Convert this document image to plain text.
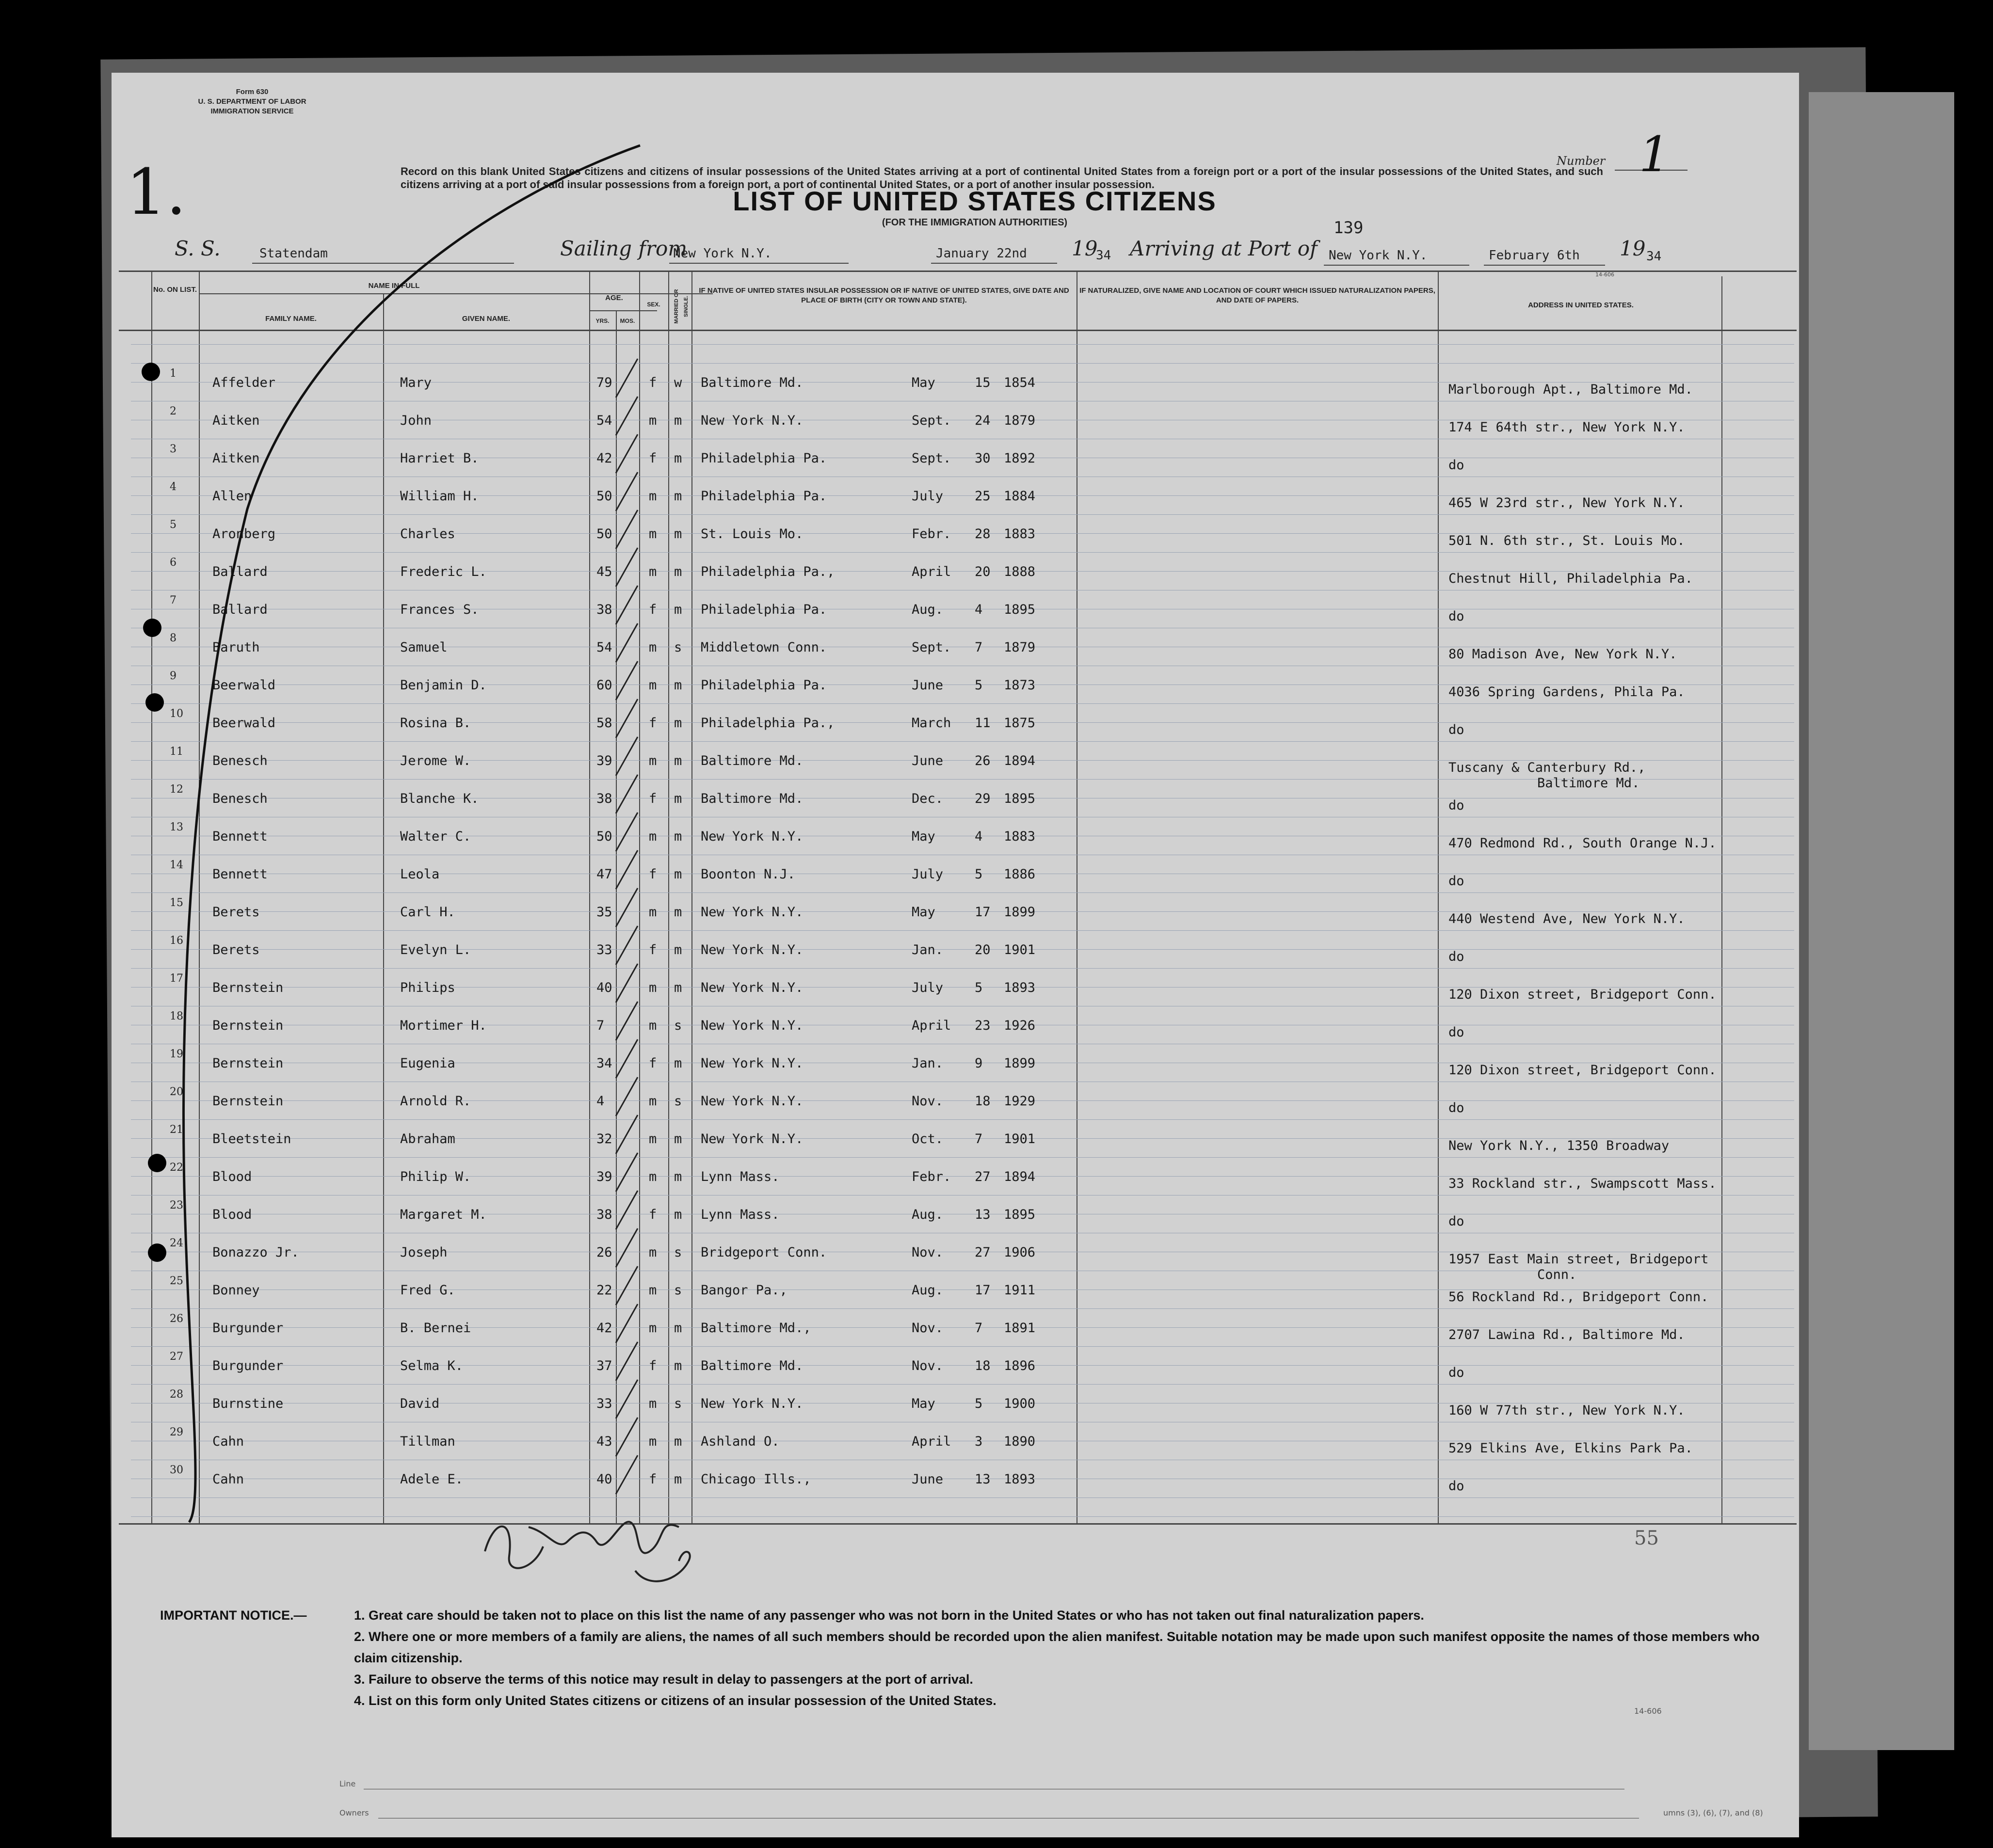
Form 630
U. S. DEPARTMENT OF LABOR
IMMIGRATION SERVICE
Record on this blank United States citizens and citizens of insular possessions of the United States arriving at a port of continental United States from a foreign port or a port of the insular possessions of the United States, and such citizens arriving at a port of said insular possessions from a foreign port, a port of continental United States, or a port of another insular possession.
Number 1
1.	LIST OF UNITED STATES CITIZENS
(FOR THE IMMIGRATION AUTHORITIES)	139
S. S.	Statendam	Sailing from
New York N.Y.	January 22nd 19
34 Arriving at Port of New York N.Y.	February 6th 19 34
No. ON LIST.	NAME IN FULL
FAMILY NAME.	GIVEN NAME.
AGE.
YRS.	MOS.
SEX.	MARRIED OR SINGLE.
IF NATIVE OF UNITED STATES INSULAR POSSESSION OR IF NATIVE OF UNITED STATES, GIVE DATE AND PLACE OF BIRTH (CITY OR TOWN AND STATE).
IF NATURALIZED, GIVE NAME AND LOCATION OF COURT WHICH ISSUED NATURALIZATION PAPERS, AND DATE OF PAPERS.
ADDRESS IN UNITED STATES.
14-606
1
Affelder	Mary	79	f w Baltimore Md.	May	15 1854	Marlborough Apt., Baltimore Md.
2
Aitken	John	54	m m New York N.Y.	Sept. 24 1879	174 E 64th str., New York N.Y.
3
Aitken	Harriet B.	42	f m Philadelphia Pa.	Sept. 30 1892	do
4
Allen	William H.	50	m m Philadelphia Pa.	July 25 1884	465 W 23rd str., New York N.Y.
5
Aronberg	Charles	50	m m St. Louis Mo.	Febr. 28 1883	501 N. 6th str., St. Louis Mo.
6
Ballard	Frederic L.	45	m m Philadelphia Pa.,	April 20 1888	Chestnut Hill, Philadelphia Pa.
7
Ballard	Frances S.	38	f m Philadelphia Pa.	Aug. 4 1895	do
8
Baruth	Samuel	54	m s Middletown Conn.	Sept. 7 1879	80 Madison Ave, New York N.Y.
9
Beerwald	Benjamin D.	60	m m Philadelphia Pa.	June 5 1873	4036 Spring Gardens, Phila Pa.
10
Beerwald	Rosina B.	58	f m Philadelphia Pa.,	March 11 1875	do
11
Benesch	Jerome W.	39	m m Baltimore Md.	June 26 1894	Tuscany & Canterbury Rd.,
Baltimore Md.
12
Benesch	Blanche K.	38	f m Baltimore Md.	Dec. 29 1895	do
13
Bennett	Walter C.	50	m m New York N.Y.	May	4 1883	470 Redmond Rd., South Orange N.J.
14
Bennett	Leola	47	f m Boonton N.J.	July 5 1886	do
15
Berets	Carl H.	35	m m New York N.Y.	May	17 1899	440 Westend Ave, New York N.Y.
16
Berets	Evelyn L.	33	f m New York N.Y.	Jan. 20 1901	do
17
Bernstein	Philips	40	m m New York N.Y.	July 5 1893	120 Dixon street, Bridgeport Conn.
18
Bernstein	Mortimer H.	7	m s New York N.Y.	April 23 1926	do
19
Bernstein	Eugenia	34	f m New York N.Y.	Jan. 9 1899	120 Dixon street, Bridgeport Conn.
20
Bernstein	Arnold R.	4	m s New York N.Y.	Nov. 18 1929	do
21
Bleetstein	Abraham	32	m m New York N.Y.	Oct. 7 1901	New York N.Y., 1350 Broadway
22
Blood	Philip W.	39	m m Lynn Mass.	Febr. 27 1894	33 Rockland str., Swampscott Mass.
23
Blood	Margaret M.	38	f m Lynn Mass.	Aug. 13 1895	do
24
Bonazzo Jr.	Joseph	26	m s Bridgeport Conn.	Nov. 27 1906	1957 East Main street, Bridgeport
Conn.
25
Bonney	Fred G.	22	m s Bangor Pa.,	Aug. 17 1911	56 Rockland Rd., Bridgeport Conn.
26
Burgunder	B. Bernei	42	m m Baltimore Md.,	Nov. 7 1891	2707 Lawina Rd., Baltimore Md.
27
Burgunder	Selma K.	37	f m Baltimore Md.	Nov. 18 1896	do
28
Burnstine	David	33	m s New York N.Y.	May	5 1900	160 W 77th str., New York N.Y.
29
Cahn	Tillman	43	m m Ashland O.	April 3 1890	529 Elkins Ave, Elkins Park Pa.
30
Cahn	Adele E.	40	f m Chicago Ills.,	June 13 1893	do
55
IMPORTANT NOTICE.—	1. Great care should be taken not to place on this list the name of any passenger who was not born in the United States or who has not taken out final naturalization papers.
2. Where one or more members of a family are aliens, the names of all such members should be recorded upon the alien manifest. Suitable notation may be made upon such manifest opposite the names of those members who claim citizenship.
3. Failure to observe the terms of this notice may result in delay to passengers at the port of arrival.
4. List on this form only United States citizens or citizens of an insular possession of the United States.
14-606
Line
Owners	umns (3), (6), (7), and (8)
